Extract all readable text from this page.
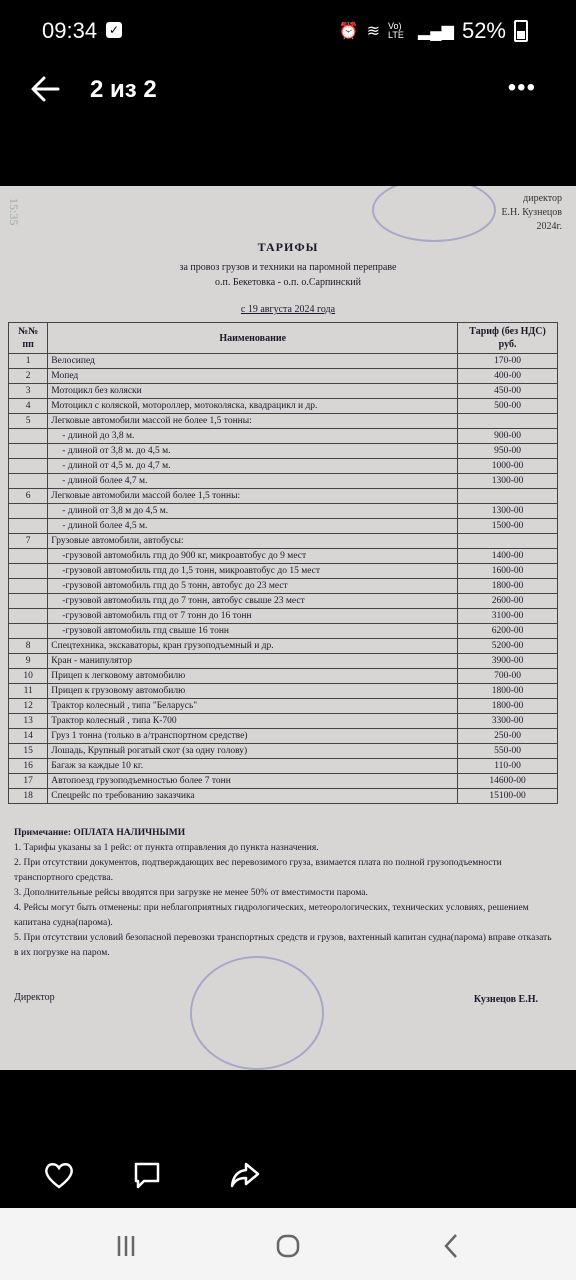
09:34 ✓	⏰ ≋ Vo) LTE ▂▄▆ 52%
2 из 2	•••
15:35	директор
Е.Н. Кузнецов
2024г.
ТАРИФЫ
за провоз грузов и техники на паромной переправе
о.п. Бекетовка - о.п. о.Сарпинский
с 19 августа 2024 года
№№ пп	Наименование	Тариф (без НДС) руб.
1	Велосипед	170-00
2	Мопед	400-00
3	Мотоцикл без коляски	450-00
4	Мотоцикл с коляской, мотороллер, мотоколяска, квадрацикл и др.	500-00
5	Легковые автомобили массой не более 1,5 тонны:	
	- длиной до 3,8 м.	900-00
	- длиной от 3,8 м. до 4,5 м.	950-00
	- длиной от 4,5 м. до 4,7 м.	1000-00
	- длиной более 4,7 м.	1300-00
6	Легковые автомобили массой более 1,5 тонны:	
	- длиной от 3,8 м до 4,5 м.	1300-00
	- длиной более 4,5 м.	1500-00
7	Грузовые автомобили, автобусы:	
	-грузовой автомобиль гпд до 900 кг, микроавтобус до 9 мест	1400-00
	-грузовой автомобиль гпд до 1,5 тонн, микроавтобус до 15 мест	1600-00
	-грузовой автомобиль гпд до 5 тонн, автобус до 23 мест	1800-00
	-грузовой автомобиль гпд до 7 тонн, автобус свыше 23 мест	2600-00
	-грузовой автомобиль гпд от 7 тонн до 16 тонн	3100-00
	-грузовой автомобиль гпд свыше 16 тонн	6200-00
8	Спецтехника, экскаваторы, кран грузоподъемный и др.	5200-00
9	Кран - манипулятор	3900-00
10	Прицеп к легковому автомобилю	700-00
11	Прицеп к грузовому автомобилю	1800-00
12	Трактор колесный , типа "Беларусь"	1800-00
13	Трактор колесный , типа К-700	3300-00
14	Груз 1 тонна (только в а/транспортном средстве)	250-00
15	Лошадь, Крупный рогатый скот (за одну голову)	550-00
16	Багаж за каждые 10 кг.	110-00
17	Автопоезд грузоподъемностью более 7 тонн	14600-00
18	Спецрейс по требованию заказчика	15100-00
Примечание: ОПЛАТА НАЛИЧНЫМИ
1. Тарифы указаны за 1 рейс: от пункта отправления до пункта назначения.
2. При отсутствии документов, подтверждающих вес перевозимого груза, взимается плата по полной грузоподъемности транспортного средства.
3. Дополнительные рейсы вводятся при загрузке не менее 50% от вместимости парома.
4. Рейсы могут быть отменены: при неблагоприятных гидрологических, метеорологических, технических условиях, решением капитана судна(парома).
5. При отсутствии условий безопасной перевозки транспортных средств и грузов, вахтенный капитан судна(парома) вправе отказать в их погрузке на паром.
Директор	Кузнецов Е.Н.
